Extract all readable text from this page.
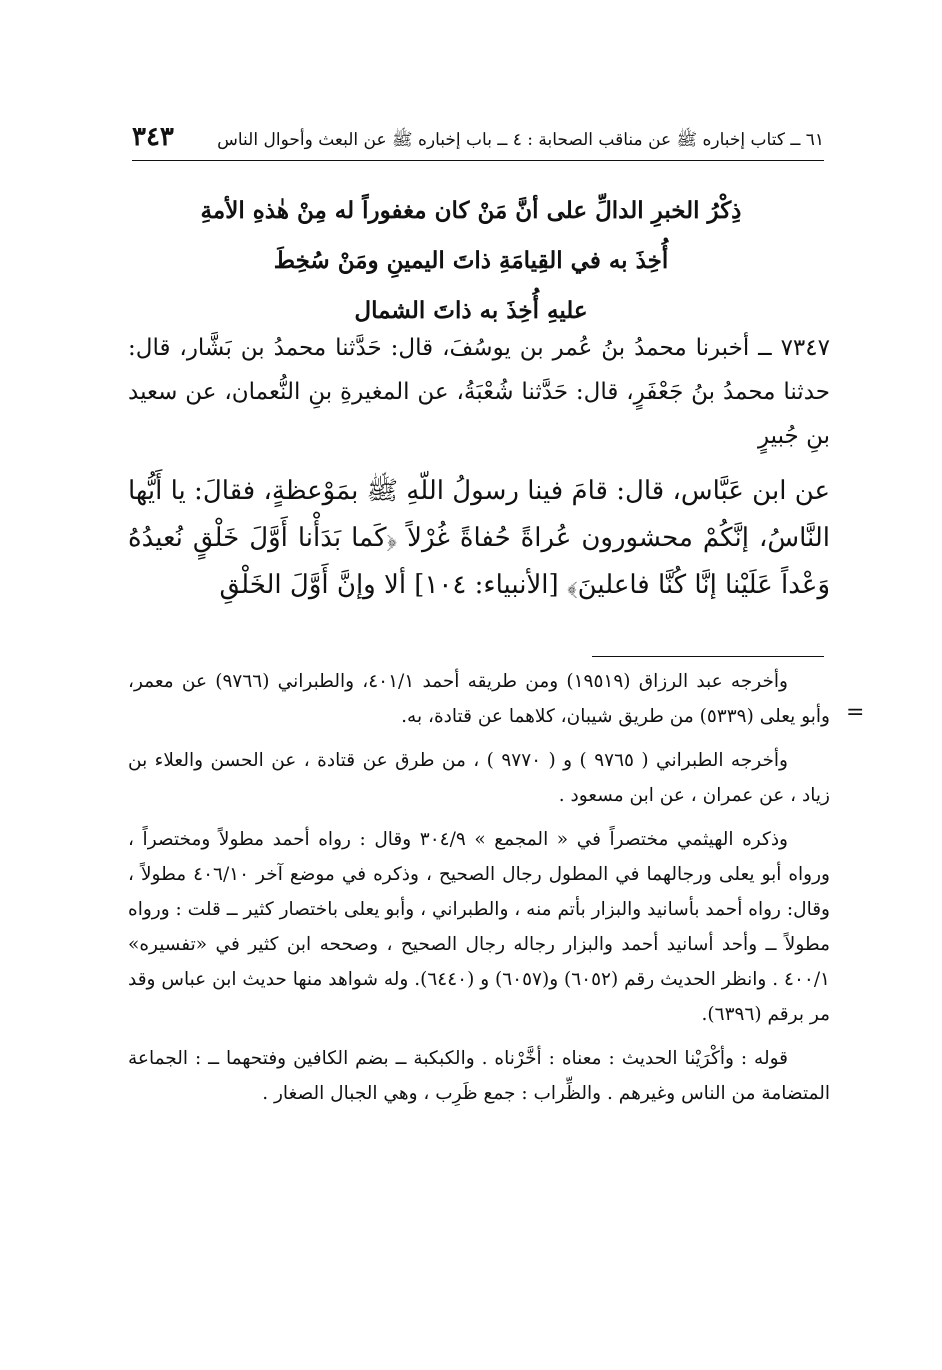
٦١ ــ كتاب إخباره ﷺ عن مناقب الصحابة : ٤ ــ باب إخباره ﷺ عن البعث وأحوال الناس
٣٤٣
ذِكْرُ الخبرِ الدالِّ على أنَّ مَنْ كان مغفوراً له مِنْ هٰذهِ الأمةِ
أُخِذَ به في القِيامَةِ ذاتَ اليمينِ ومَنْ سُخِطَ
عليهِ أُخِذَ به ذاتَ الشمال
٧٣٤٧ ــ أخبرنا محمدُ بنُ عُمر بن يوسُفَ، قال: حَدَّثنا محمدُ بن بَشَّار، قال: حدثنا محمدُ بنُ جَعْفَرٍ، قال: حَدَّثنا شُعْبَةُ، عن المغيرةِ بنِ النُّعمان، عن سعيد بنِ جُبيرٍ
عن ابن عَبَّاس، قال: قامَ فينا رسولُ اللّهِ ﷺ بمَوْعظةٍ، فقالَ: يا أَيُّها النَّاسُ، إنَّكُمْ محشورون عُراةً حُفاةً غُرْلاً ﴿كَما بَدَأْنا أَوَّلَ خَلْقٍ نُعيدُهُ وَعْداً عَلَيْنا إنَّا كُنَّا فاعلينَ﴾ [الأنبياء: ١٠٤] ألا وإنَّ أَوَّلَ الخَلْقِ
=

وأخرجه عبد الرزاق (١٩٥١٩) ومن طريقه أحمد ٤٠١/١، والطبراني (٩٧٦٦) عن معمر، وأبو يعلى (٥٣٣٩) من طريق شيبان، كلاهما عن قتادة، به.

وأخرجه الطبراني ( ٩٧٦٥ ) و ( ٩٧٧٠ ) ، من طرق عن قتادة ، عن الحسن والعلاء بن زياد ، عن عمران ، عن ابن مسعود .

وذكره الهيثمي مختصراً في « المجمع » ٣٠٤/٩ وقال : رواه أحمد مطولاً ومختصراً ، ورواه أبو يعلى ورجالهما في المطول رجال الصحيح ، وذكره في موضع آخر ٤٠٦/١٠ مطولاً ، وقال: رواه أحمد بأسانيد والبزار بأتم منه ، والطبراني ، وأبو يعلى باختصار كثير ــ قلت : ورواه مطولاً ــ وأحد أسانيد أحمد والبزار رجاله رجال الصحيح ، وصححه ابن كثير في «تفسيره» ٤٠٠/١ . وانظر الحديث رقم (٦٠٥٢) و(٦٠٥٧) و (٦٤٤٠). وله شواهد منها حديث ابن عباس وقد مر برقم (٦٣٩٦).

قوله : وأكْرَيْنا الحديث : معناه : أخَّرْناه . والكبكبة ــ بضم الكافين وفتحهما ــ : الجماعة المتضامة من الناس وغيرهم . والظِّراب : جمع ظَرِب ، وهي الجبال الصغار .
